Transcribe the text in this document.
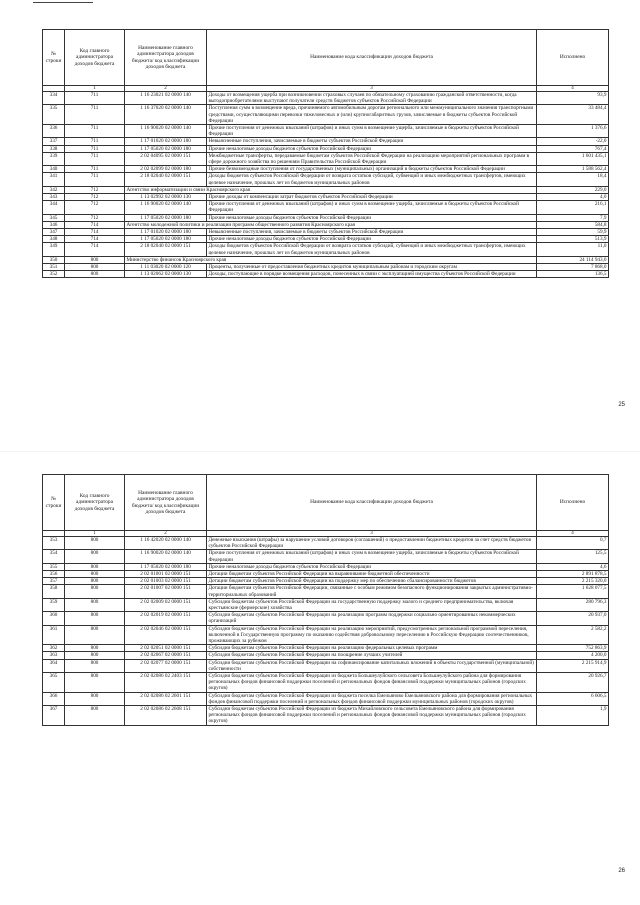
№ строки	Код главного администратора доходов бюджета	Наименование главного администратора доходов бюджета/ код классификации доходов бюджета	Наименование кода классификации доходов бюджета	Исполнено
	1	2	3	4
334	711	1 16 23021 02 0000 140	Доходы от возмещения ущерба при возникновении страховых случаев по обязательному страхованию гражданской ответственности, когда выгодоприобретателями выступают получатели средств бюджетов субъектов Российской Федерации	93,9
335	711	1 16 37020 02 0000 140	Поступления сумм в возмещение вреда, причиняемого автомобильным дорогам регионального или межмуниципального значения транспортными средствами, осуществляющими перевозки тяжеловесных и (или) крупногабаритных грузов, зачисляемые в бюджеты субъектов Российской Федерации	33 484,4
336	711	1 16 90020 02 0000 140	Прочие поступления от денежных взысканий (штрафов) и иных сумм в возмещение ущерба, зачисляемые в бюджеты субъектов Российской Федерации	1 376,6
337	711	1 17 01020 02 0000 180	Невыясненные поступления, зачисляемые в бюджеты субъектов Российской Федерации	-22,0
338	711	1 17 05020 02 0000 180	Прочие неналоговые доходы бюджетов субъектов Российской Федерации	767,4
339	711	2 02 04095 02 0000 151	Межбюджетные трансферты, передаваемые бюджетам субъектов Российской Федерации на реализацию мероприятий региональных программ в сфере дорожного хозяйства по решениям Правительства Российской Федерации	1 601 435,1
340	711	2 02 02099 02 0000 180	Прочие безвозмездные поступления от государственных (муниципальных) организаций в бюджеты субъектов Российской Федерации	1 588 562,4
341	711	2 18 02040 02 0000 151	Доходы бюджетов субъектов Российской Федерации от возврата остатков субсидий, субвенций и иных межбюджетных трансфертов, имеющих целевое назначение, прошлых лет из бюджетов муниципальных районов	18,4
342	712	Агентство информатизации и связи Красноярского края		229,0
343	712	1 13 02992 02 0000 130	Прочие доходы от компенсации затрат бюджетов субъектов Российской Федерации	4,0
344	712	1 16 90020 02 0000 140	Прочие поступления от денежных взысканий (штрафов) и иных сумм в возмещение ущерба, зачисляемые в бюджеты субъектов Российской Федерации	216,1
345	712	1 17 05020 02 0000 180	Прочие неналоговые доходы бюджетов субъектов Российской Федерации	7,9
346	714	Агентство молодежной политики и реализации программ общественного развития Красноярского края		584,8
347	714	1 17 01020 02 0000 180	Невыясненные поступления, зачисляемые в бюджеты субъектов Российской Федерации	59,9
348	714	1 17 05020 02 0000 180	Прочие неналоговые доходы бюджетов субъектов Российской Федерации	513,9
349	714	2 18 02040 02 0000 151	Доходы бюджетов субъектов Российской Федерации от возврата остатков субсидий, субвенций и иных межбюджетных трансфертов, имеющих целевое назначение, прошлых лет из бюджетов муниципальных районов	11,0
350	800	Министерство финансов Красноярского края		24 114 943,0
351	800	1 11 03020 02 0000 120	Проценты, полученные от предоставления бюджетных кредитов муниципальным районам и городским округам	7 868,0
352	800	1 13 02062 02 0000 130	Доходы, поступающие в порядке возмещения расходов, понесенных в связи с эксплуатацией имущества субъектов Российской Федерации	136,5
25
№ строки	Код главного администратора доходов бюджета	Наименование главного администратора доходов бюджета/ код классификации доходов бюджета	Наименование кода классификации доходов бюджета	Исполнено
	1	2	3	4
353	800	1 16 42020 02 0000 140	Денежные взыскания (штрафы) за нарушение условий договоров (соглашений) о предоставлении бюджетных кредитов за счет средств бюджетов субъектов Российской Федерации	0,7
354	800	1 16 90020 02 0000 140	Прочие поступления от денежных взысканий (штрафов) и иных сумм в возмещение ущерба, зачисляемые в бюджеты субъектов Российской Федерации	125,5
355	800	1 17 05020 02 0000 180	Прочие неналоговые доходы бюджетов субъектов Российской Федерации	4,6
356	800	2 02 01001 02 0000 151	Дотации бюджетам субъектов Российской Федерации на выравнивание бюджетной обеспеченности	2 891 878,5
357	800	2 02 01003 02 0000 151	Дотации бюджетам субъектов Российской Федерации на поддержку мер по обеспечению сбалансированности бюджетов	2 215 320,0
358	800	2 02 01007 02 0000 151	Дотации бюджетам субъектов Российской Федерации, связанные с особым режимом безопасного функционирования закрытых административно-территориальных образований	1 628 077,5
359	800	2 02 02009 02 0000 151	Субсидии бюджетам субъектов Российской Федерации на государственную поддержку малого и среднего предпринимательства, включая крестьянские (фермерские) хозяйства	280 796,3
360	800	2 02 02019 02 0000 151	Субсидии бюджетам субъектов Российской Федерации на реализацию программ поддержки социально ориентированных некоммерческих организаций	20 937,0
361	800	2 02 02046 02 0000 151	Субсидии бюджетам субъектов Российской Федерации на реализацию мероприятий, предусмотренных региональной программой переселения, включенной в Государственную программу по оказанию содействия добровольному переселению в Российскую Федерацию соотечественников, проживающих за рубежом	2 582,2
362	800	2 02 02051 02 0000 151	Субсидии бюджетам субъектов Российской Федерации на реализацию федеральных целевых программ	752 863,9
363	800	2 02 02067 02 0000 151	Субсидии бюджетам субъектов Российской Федерации на поощрение лучших учителей	4 200,0
364	800	2 02 02077 02 0000 151	Субсидии бюджетам субъектов Российской Федерации на софинансирование капитальных вложений в объекты государственной (муниципальной) собственности	2 215 914,9
365	800	2 02 02086 02 2403 151	Субсидии бюджетам субъектов Российской Федерации из бюджета Большеулуйского сельсовета Большеулуйского района для формирования региональных фондов финансовой поддержки поселений и региональных фондов финансовой поддержки муниципальных районов (городских округов)	20 926,7
366	800	2 02 02086 02 2601 151	Субсидии бюджетам субъектов Российской Федерации из бюджета поселка Емельяново Емельяновского района для формирования региональных фондов финансовой поддержки поселений и региональных фондов финансовой поддержки муниципальных районов (городских округов)	6 606,5
367	800	2 02 02086 02 2608 151	Субсидии бюджетам субъектов Российской Федерации из бюджета Михайловского сельсовета Емельяновского района для формирования региональных фондов финансовой поддержки поселений и региональных фондов финансовой поддержки муниципальных районов (городских округов)	1,9
26
